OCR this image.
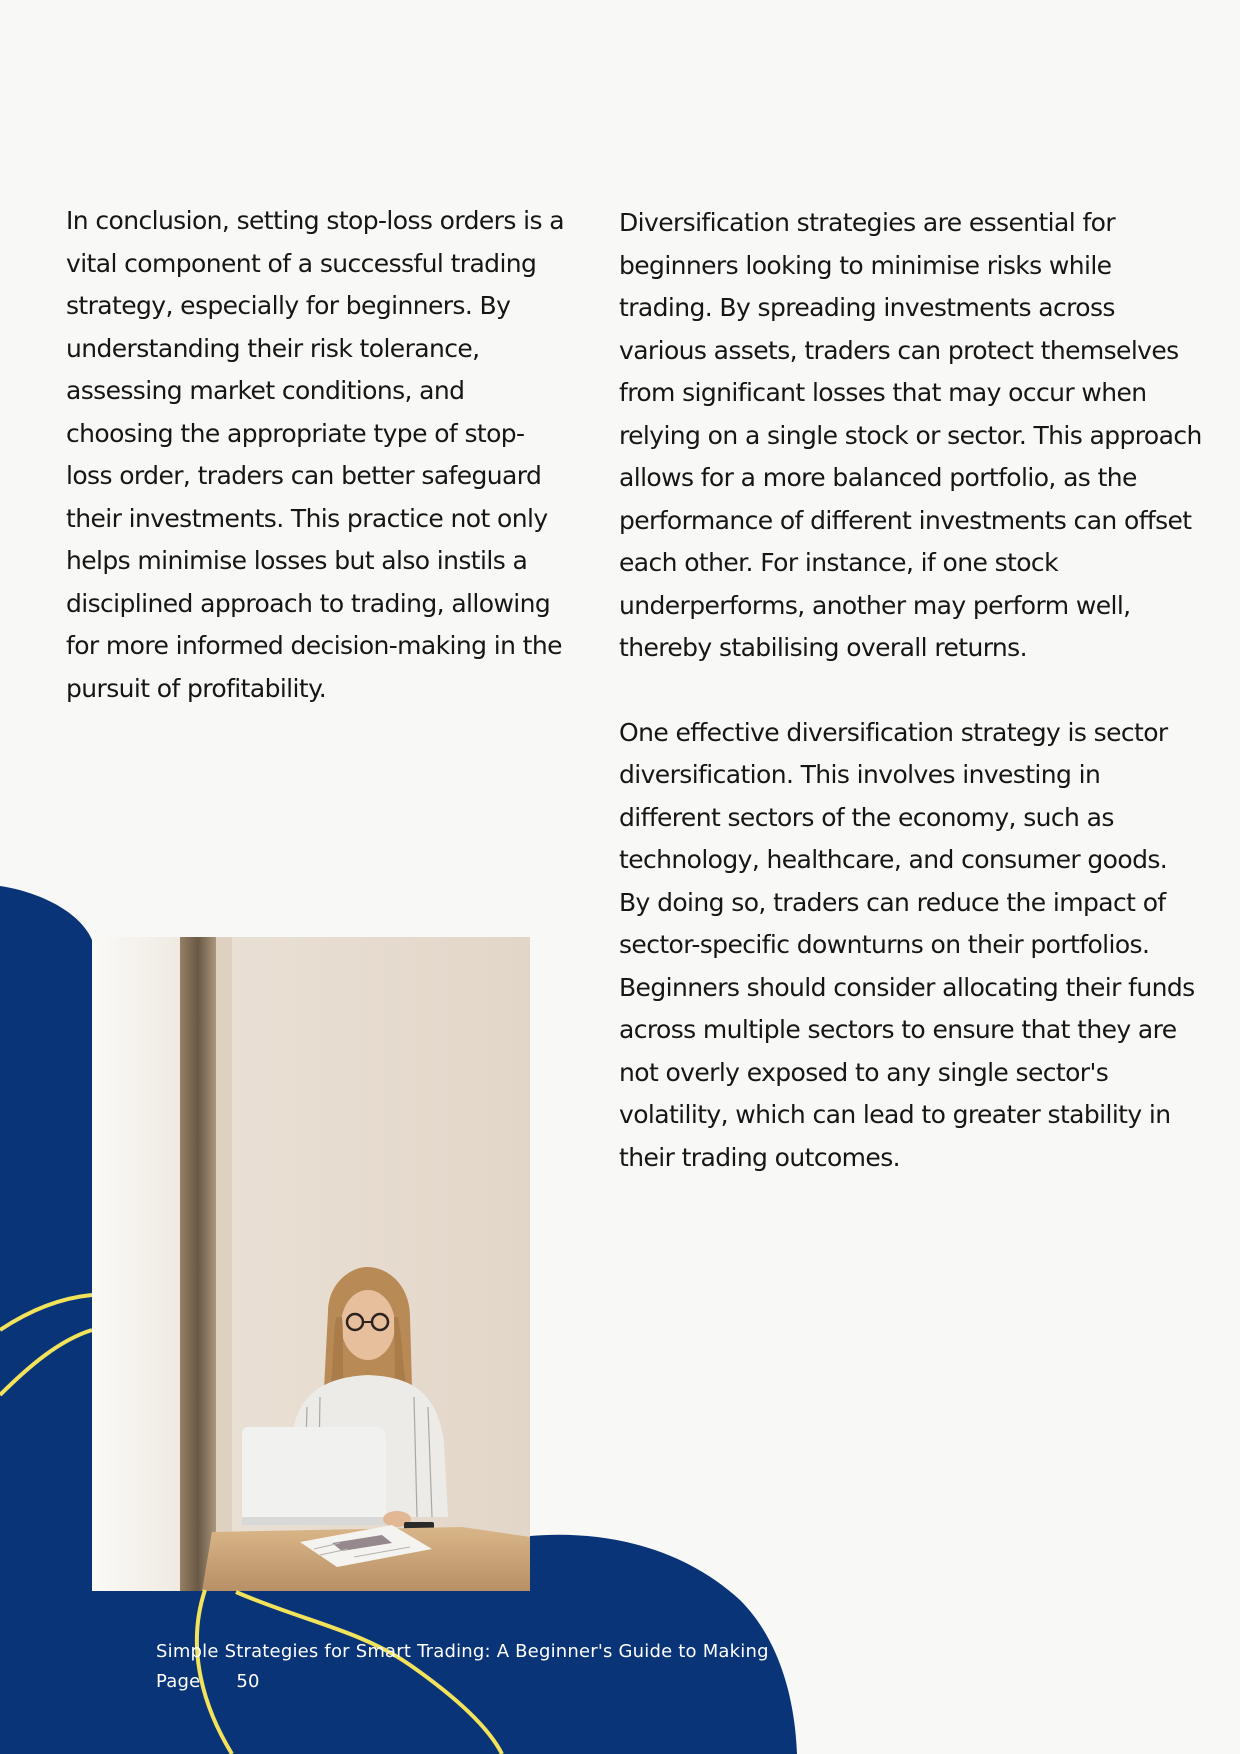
In conclusion, setting stop-loss orders is a vital component of a successful trading strategy, especially for beginners. By understanding their risk tolerance, assessing market conditions, and choosing the appropriate type of stop-loss order, traders can better safeguard their investments. This practice not only helps minimise losses but also instils a disciplined approach to trading, allowing for more informed decision-making in the pursuit of profitability.

Diversification strategies are essential for beginners looking to minimise risks while trading. By spreading investments across various assets, traders can protect themselves from significant losses that may occur when relying on a single stock or sector. This approach allows for a more balanced portfolio, as the performance of different investments can offset each other. For instance, if one stock underperforms, another may perform well, thereby stabilising overall returns.

One effective diversification strategy is sector diversification. This involves investing in different sectors of the economy, such as technology, healthcare, and consumer goods. By doing so, traders can reduce the impact of sector-specific downturns on their portfolios. Beginners should consider allocating their funds across multiple sectors to ensure that they are not overly exposed to any single sector's volatility, which can lead to greater stability in their trading outcomes.

Simple Strategies for Smart Trading: A Beginner's Guide to Making
Page 50
